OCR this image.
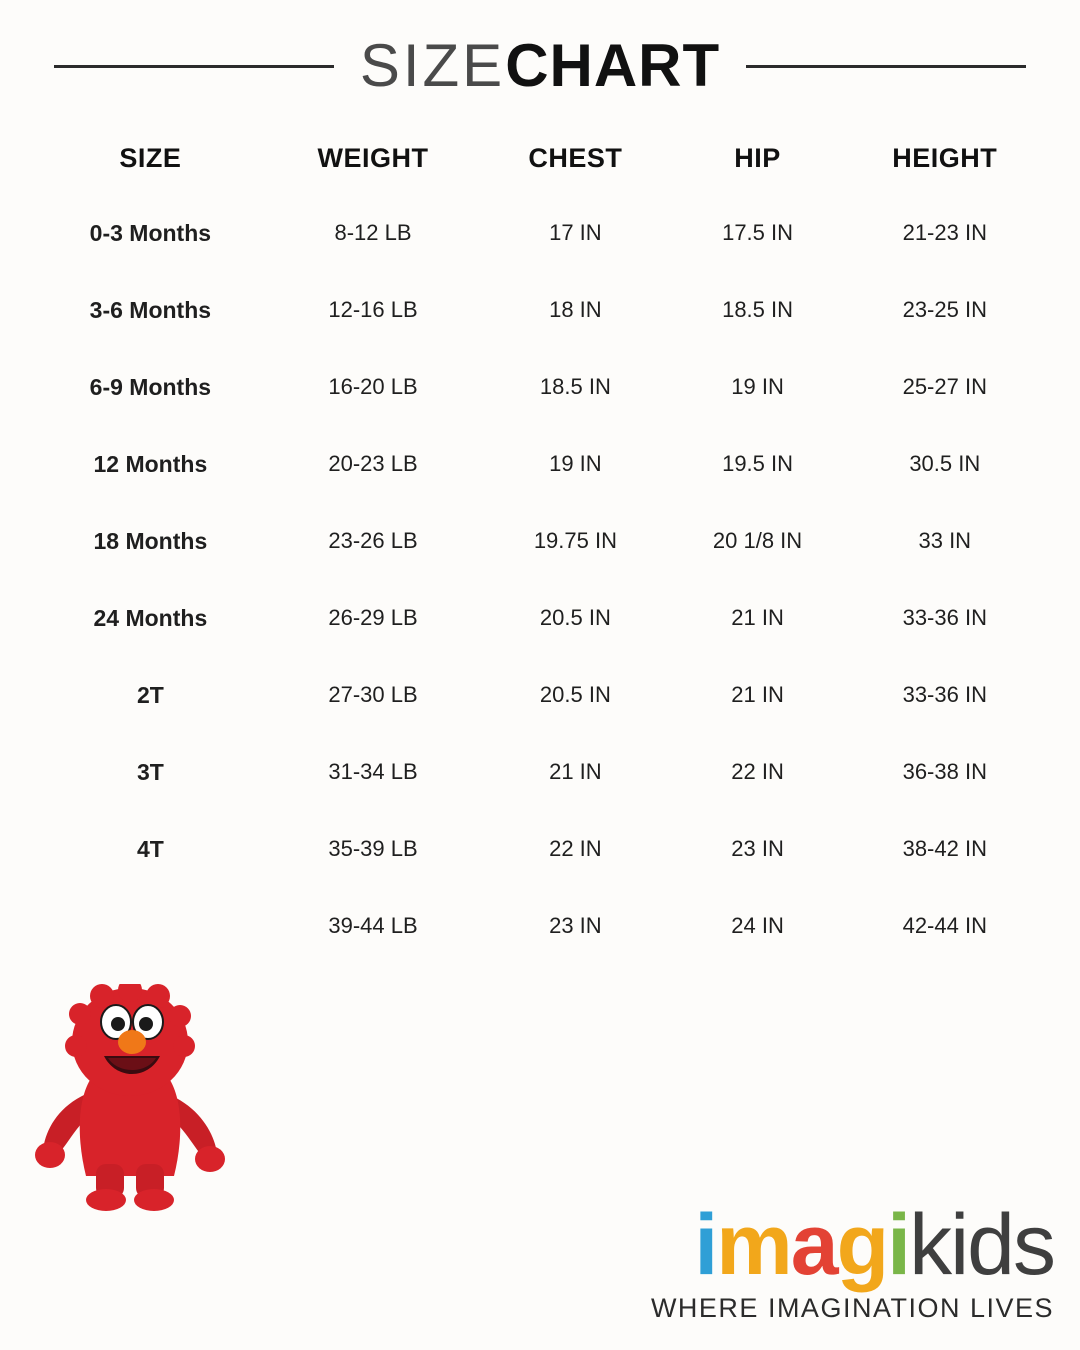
SIZECHART
SIZE	WEIGHT	CHEST	HIP	HEIGHT
0-3 Months	8-12 LB	17 IN	17.5 IN	21-23 IN
3-6 Months	12-16 LB	18 IN	18.5 IN	23-25 IN
6-9 Months	16-20 LB	18.5 IN	19 IN	25-27 IN
12 Months	20-23 LB	19 IN	19.5 IN	30.5 IN
18 Months	23-26 LB	19.75 IN	20 1/8 IN	33 IN
24 Months	26-29 LB	20.5 IN	21 IN	33-36 IN
2T	27-30 LB	20.5 IN	21 IN	33-36 IN
3T	31-34 LB	21 IN	22 IN	36-38 IN
4T	35-39 LB	22 IN	23 IN	38-42 IN
	39-44 LB	23 IN	24 IN	42-44 IN
imagikids
WHERE IMAGINATION LIVES
